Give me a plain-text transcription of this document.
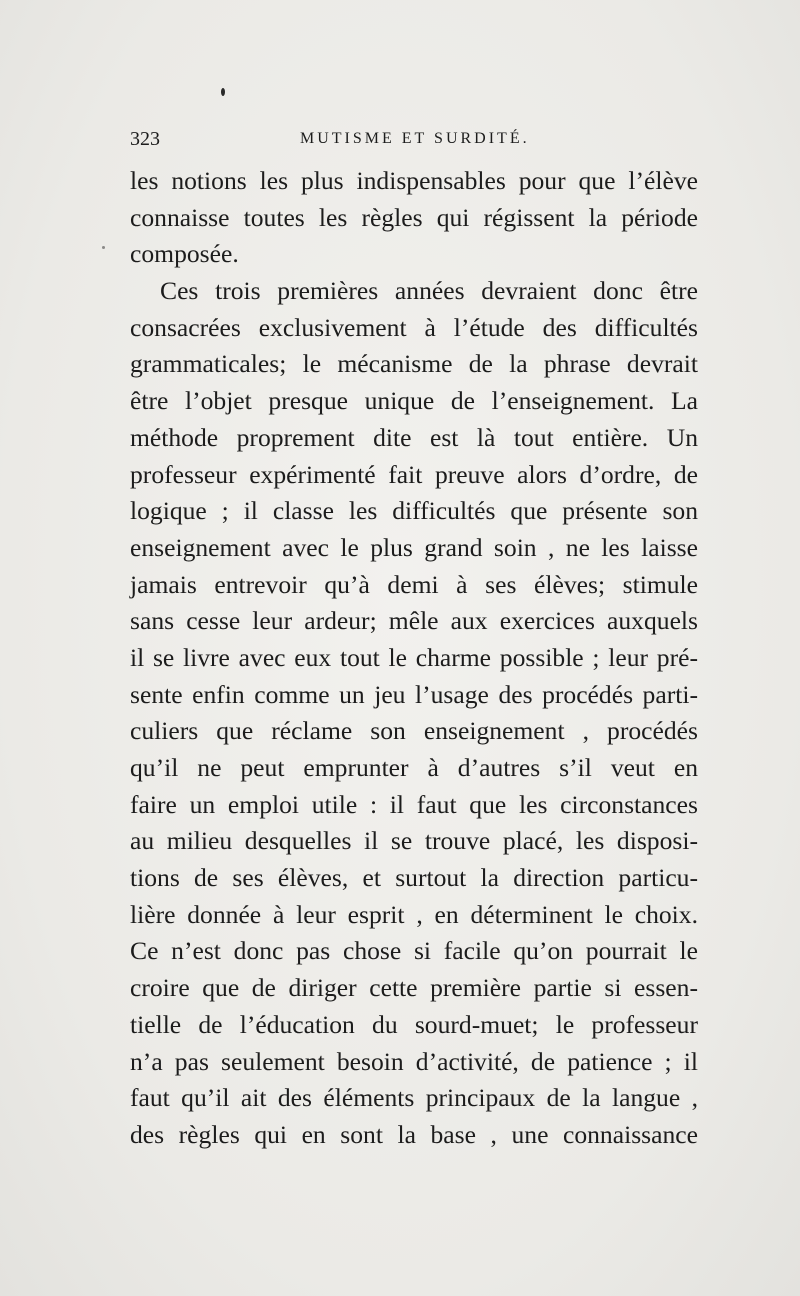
323	MUTISME ET SURDITÉ.
les notions les plus indispensables pour que l’élève
connaisse toutes les règles qui régissent la période
composée.
Ces trois premières années devraient donc être
consacrées exclusivement à l’étude des difficultés
grammaticales; le mécanisme de la phrase devrait
être l’objet presque unique de l’enseignement. La
méthode proprement dite est là tout entière. Un
professeur expérimenté fait preuve alors d’ordre, de
logique ; il classe les difficultés que présente son
enseignement avec le plus grand soin , ne les laisse
jamais entrevoir qu’à demi à ses élèves; stimule
sans cesse leur ardeur; mêle aux exercices auxquels
il se livre avec eux tout le charme possible ; leur pré-
sente enfin comme un jeu l’usage des procédés parti-
culiers que réclame son enseignement , procédés
qu’il ne peut emprunter à d’autres s’il veut en
faire un emploi utile : il faut que les circonstances
au milieu desquelles il se trouve placé, les disposi-
tions de ses élèves, et surtout la direction particu-
lière donnée à leur esprit , en déterminent le choix.
Ce n’est donc pas chose si facile qu’on pourrait le
croire que de diriger cette première partie si essen-
tielle de l’éducation du sourd-muet; le professeur
n’a pas seulement besoin d’activité, de patience ; il
faut qu’il ait des éléments principaux de la langue ,
des règles qui en sont la base , une connaissance
